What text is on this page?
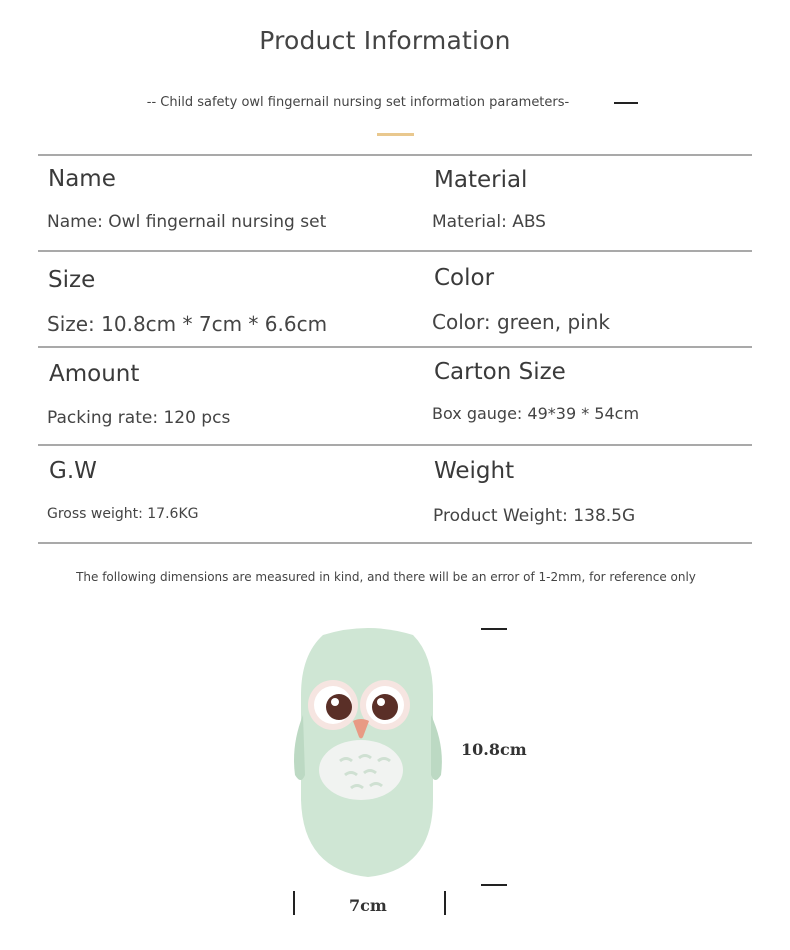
Product Information
-- Child safety owl fingernail nursing set information parameters-
Name
Name: Owl fingernail nursing set
Material
Material: ABS
Size
Size: 10.8cm * 7cm * 6.6cm
Color
Color: green, pink
Amount
Packing rate: 120 pcs
Carton Size
Box gauge: 49*39 * 54cm
G.W
Gross weight: 17.6KG
Weight
Product Weight: 138.5G
The following dimensions are measured in kind, and there will be an error of 1-2mm, for reference only
10.8cm
7cm
